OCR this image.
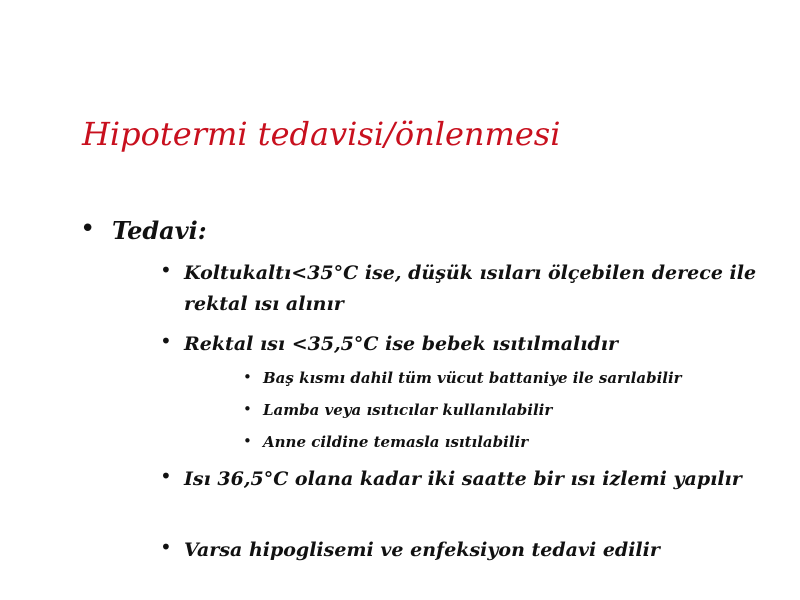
Hipotermi tedavisi/önlenmesi
• Tedavi:
• Koltukaltı<35°C ise, düşük ısıları ölçebilen derece ile rektal ısı alınır
• Rektal ısı <35,5°C ise bebek ısıtılmalıdır
• Baş kısmı dahil tüm vücut battaniye ile sarılabilir
• Lamba veya ısıtıcılar kullanılabilir
• Anne cildine temasla ısıtılabilir
• Isı 36,5°C olana kadar iki saatte bir ısı izlemi yapılır
• Varsa hipoglisemi ve enfeksiyon tedavi edilir
